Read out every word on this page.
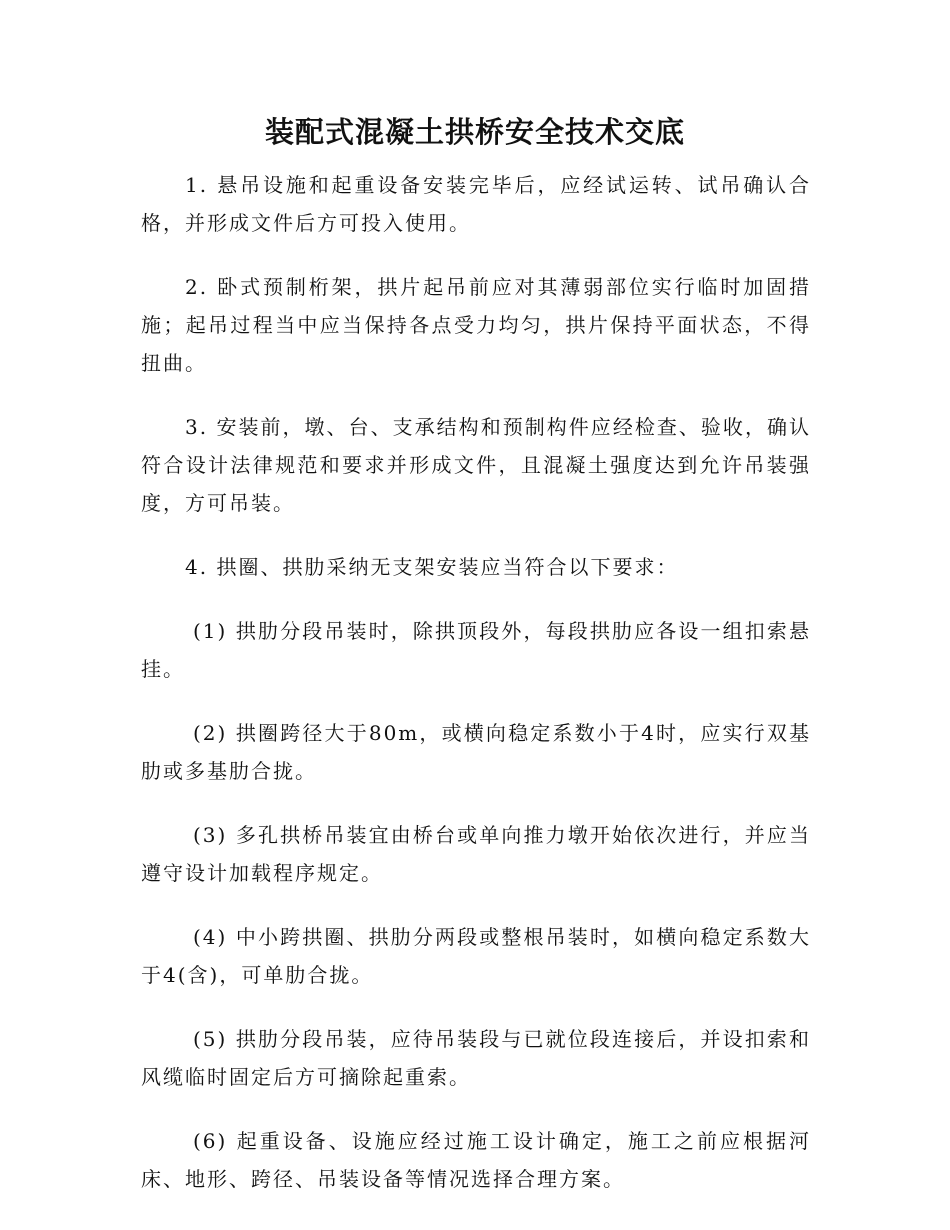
装配式混凝土拱桥安全技术交底

1. 悬吊设施和起重设备安装完毕后，应经试运转、试吊确认合格，并形成文件后方可投入使用。

2. 卧式预制桁架，拱片起吊前应对其薄弱部位实行临时加固措施；起吊过程当中应当保持各点受力均匀，拱片保持平面状态，不得扭曲。

3. 安装前，墩、台、支承结构和预制构件应经检查、验收，确认符合设计法律规范和要求并形成文件，且混凝土强度达到允许吊装强度，方可吊装。

4. 拱圈、拱肋采纳无支架安装应当符合以下要求：

(1) 拱肋分段吊装时，除拱顶段外，每段拱肋应各设一组扣索悬挂。

(2) 拱圈跨径大于80m，或横向稳定系数小于4时，应实行双基肋或多基肋合拢。

(3) 多孔拱桥吊装宜由桥台或单向推力墩开始依次进行，并应当遵守设计加载程序规定。

(4) 中小跨拱圈、拱肋分两段或整根吊装时，如横向稳定系数大于4(含)，可单肋合拢。

(5) 拱肋分段吊装，应待吊装段与已就位段连接后，并设扣索和风缆临时固定后方可摘除起重索。

(6) 起重设备、设施应经过施工设计确定，施工之前应根据河床、地形、跨径、吊装设备等情况选择合理方案。
